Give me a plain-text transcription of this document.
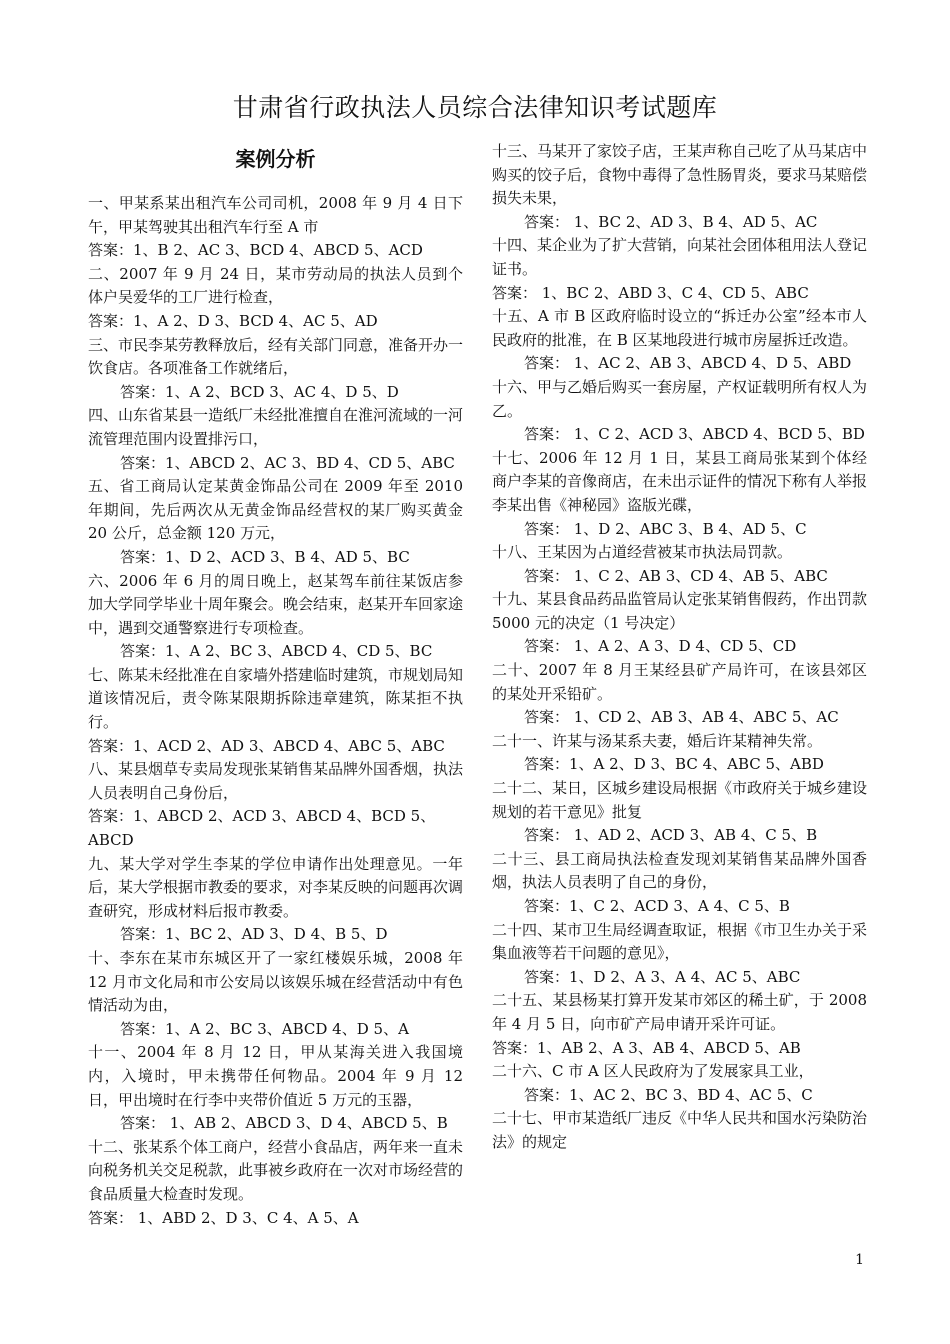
甘肃省行政执法人员综合法律知识考试题库
案例分析

一、甲某系某出租汽车公司司机，2008 年 9 月 4 日下午，甲某驾驶其出租汽车行至 A 市

答案：1、B 2、AC 3、BCD 4、ABCD 5、ACD

二、2007 年 9 月 24 日，某市劳动局的执法人员到个体户吴爱华的工厂进行检查，

答案：1、A 2、D 3、BCD 4、AC 5、AD

三、市民李某劳教释放后，经有关部门同意，准备开办一饮食店。各项准备工作就绪后，

答案：1、A 2、BCD 3、AC 4、D 5、D

四、山东省某县一造纸厂未经批准擅自在淮河流域的一河流管理范围内设置排污口，

答案：1、ABCD 2、AC 3、BD 4、CD 5、ABC

五、省工商局认定某黄金饰品公司在 2009 年至 2010 年期间，先后两次从无黄金饰品经营权的某厂购买黄金 20 公斤，总金额 120 万元，

答案：1、D 2、ACD 3、B 4、AD 5、BC

六、2006 年 6 月的周日晚上，赵某驾车前往某饭店参加大学同学毕业十周年聚会。晚会结束，赵某开车回家途中，遇到交通警察进行专项检查。

答案：1、A 2、BC 3、ABCD 4、CD 5、BC

七、陈某未经批准在自家墙外搭建临时建筑，市规划局知道该情况后，责令陈某限期拆除违章建筑，陈某拒不执行。

答案：1、ACD 2、AD 3、ABCD 4、ABC 5、ABC

八、某县烟草专卖局发现张某销售某品牌外国香烟，执法人员表明自己身份后，

答案：1、ABCD 2、ACD 3、ABCD 4、BCD 5、ABCD

九、某大学对学生李某的学位申请作出处理意见。一年后，某大学根据市教委的要求，对李某反映的问题再次调查研究，形成材料后报市教委。

答案：1、BC 2、AD 3、D 4、B 5、D

十、李东在某市东城区开了一家红楼娱乐城，2008 年 12 月市文化局和市公安局以该娱乐城在经营活动中有色情活动为由，

答案：1、A 2、BC 3、ABCD 4、D 5、A

十一、2004 年 8 月 12 日，甲从某海关进入我国境内，入境时，甲未携带任何物品。2004 年 9 月 12 日，甲出境时在行李中夹带价值近 5 万元的玉器，

答案： 1、AB 2、ABCD 3、D 4、ABCD 5、B

十二、张某系个体工商户，经营小食品店，两年来一直未向税务机关交足税款，此事被乡政府在一次对市场经营的食品质量大检查时发现。

答案： 1、ABD 2、D 3、C 4、A 5、A

十三、马某开了家饺子店，王某声称自己吃了从马某店中购买的饺子后，食物中毒得了急性肠胃炎，要求马某赔偿损失未果，

答案： 1、BC 2、AD 3、B 4、AD 5、AC

十四、某企业为了扩大营销，向某社会团体租用法人登记证书。

答案： 1、BC 2、ABD 3、C 4、CD 5、ABC

十五、A 市 B 区政府临时设立的“拆迁办公室”经本市人民政府的批准，在 B 区某地段进行城市房屋拆迁改造。

答案： 1、AC 2、AB 3、ABCD 4、D 5、ABD

十六、甲与乙婚后购买一套房屋，产权证载明所有权人为乙。

答案： 1、C 2、ACD 3、ABCD 4、BCD 5、BD

十七、2006 年 12 月 1 日，某县工商局张某到个体经商户李某的音像商店，在未出示证件的情况下称有人举报李某出售《神秘园》盗版光碟，

答案： 1、D 2、ABC 3、B 4、AD 5、C

十八、王某因为占道经营被某市执法局罚款。

答案： 1、C 2、AB 3、CD 4、AB 5、ABC

十九、某县食品药品监管局认定张某销售假药，作出罚款 5000 元的决定（1 号决定）

答案： 1、A 2、A 3、D 4、CD 5、CD

二十、2007 年 8 月王某经县矿产局许可，在该县郊区的某处开采铅矿。

答案： 1、CD 2、AB 3、AB 4、ABC 5、AC

二十一、许某与汤某系夫妻，婚后许某精神失常。

答案：1、A 2、D 3、BC 4、ABC 5、ABD

二十二、某日，区城乡建设局根据《市政府关于城乡建设规划的若干意见》批复

答案： 1、AD 2、ACD 3、AB 4、C 5、B

二十三、县工商局执法检查发现刘某销售某品牌外国香烟，执法人员表明了自己的身份，

答案：1、C 2、ACD 3、A 4、C 5、B

二十四、某市卫生局经调查取证，根据《市卫生办关于采集血液等若干问题的意见》，

答案：1、D 2、A 3、A 4、AC 5、ABC

二十五、某县杨某打算开发某市郊区的稀土矿，于 2008 年 4 月 5 日，向市矿产局申请开采许可证。

答案：1、AB 2、A 3、AB 4、ABCD 5、AB

二十六、C 市 A 区人民政府为了发展家具工业，

答案：1、AC 2、BC 3、BD 4、AC 5、C

二十七、甲市某造纸厂违反《中华人民共和国水污染防治法》的规定

1
